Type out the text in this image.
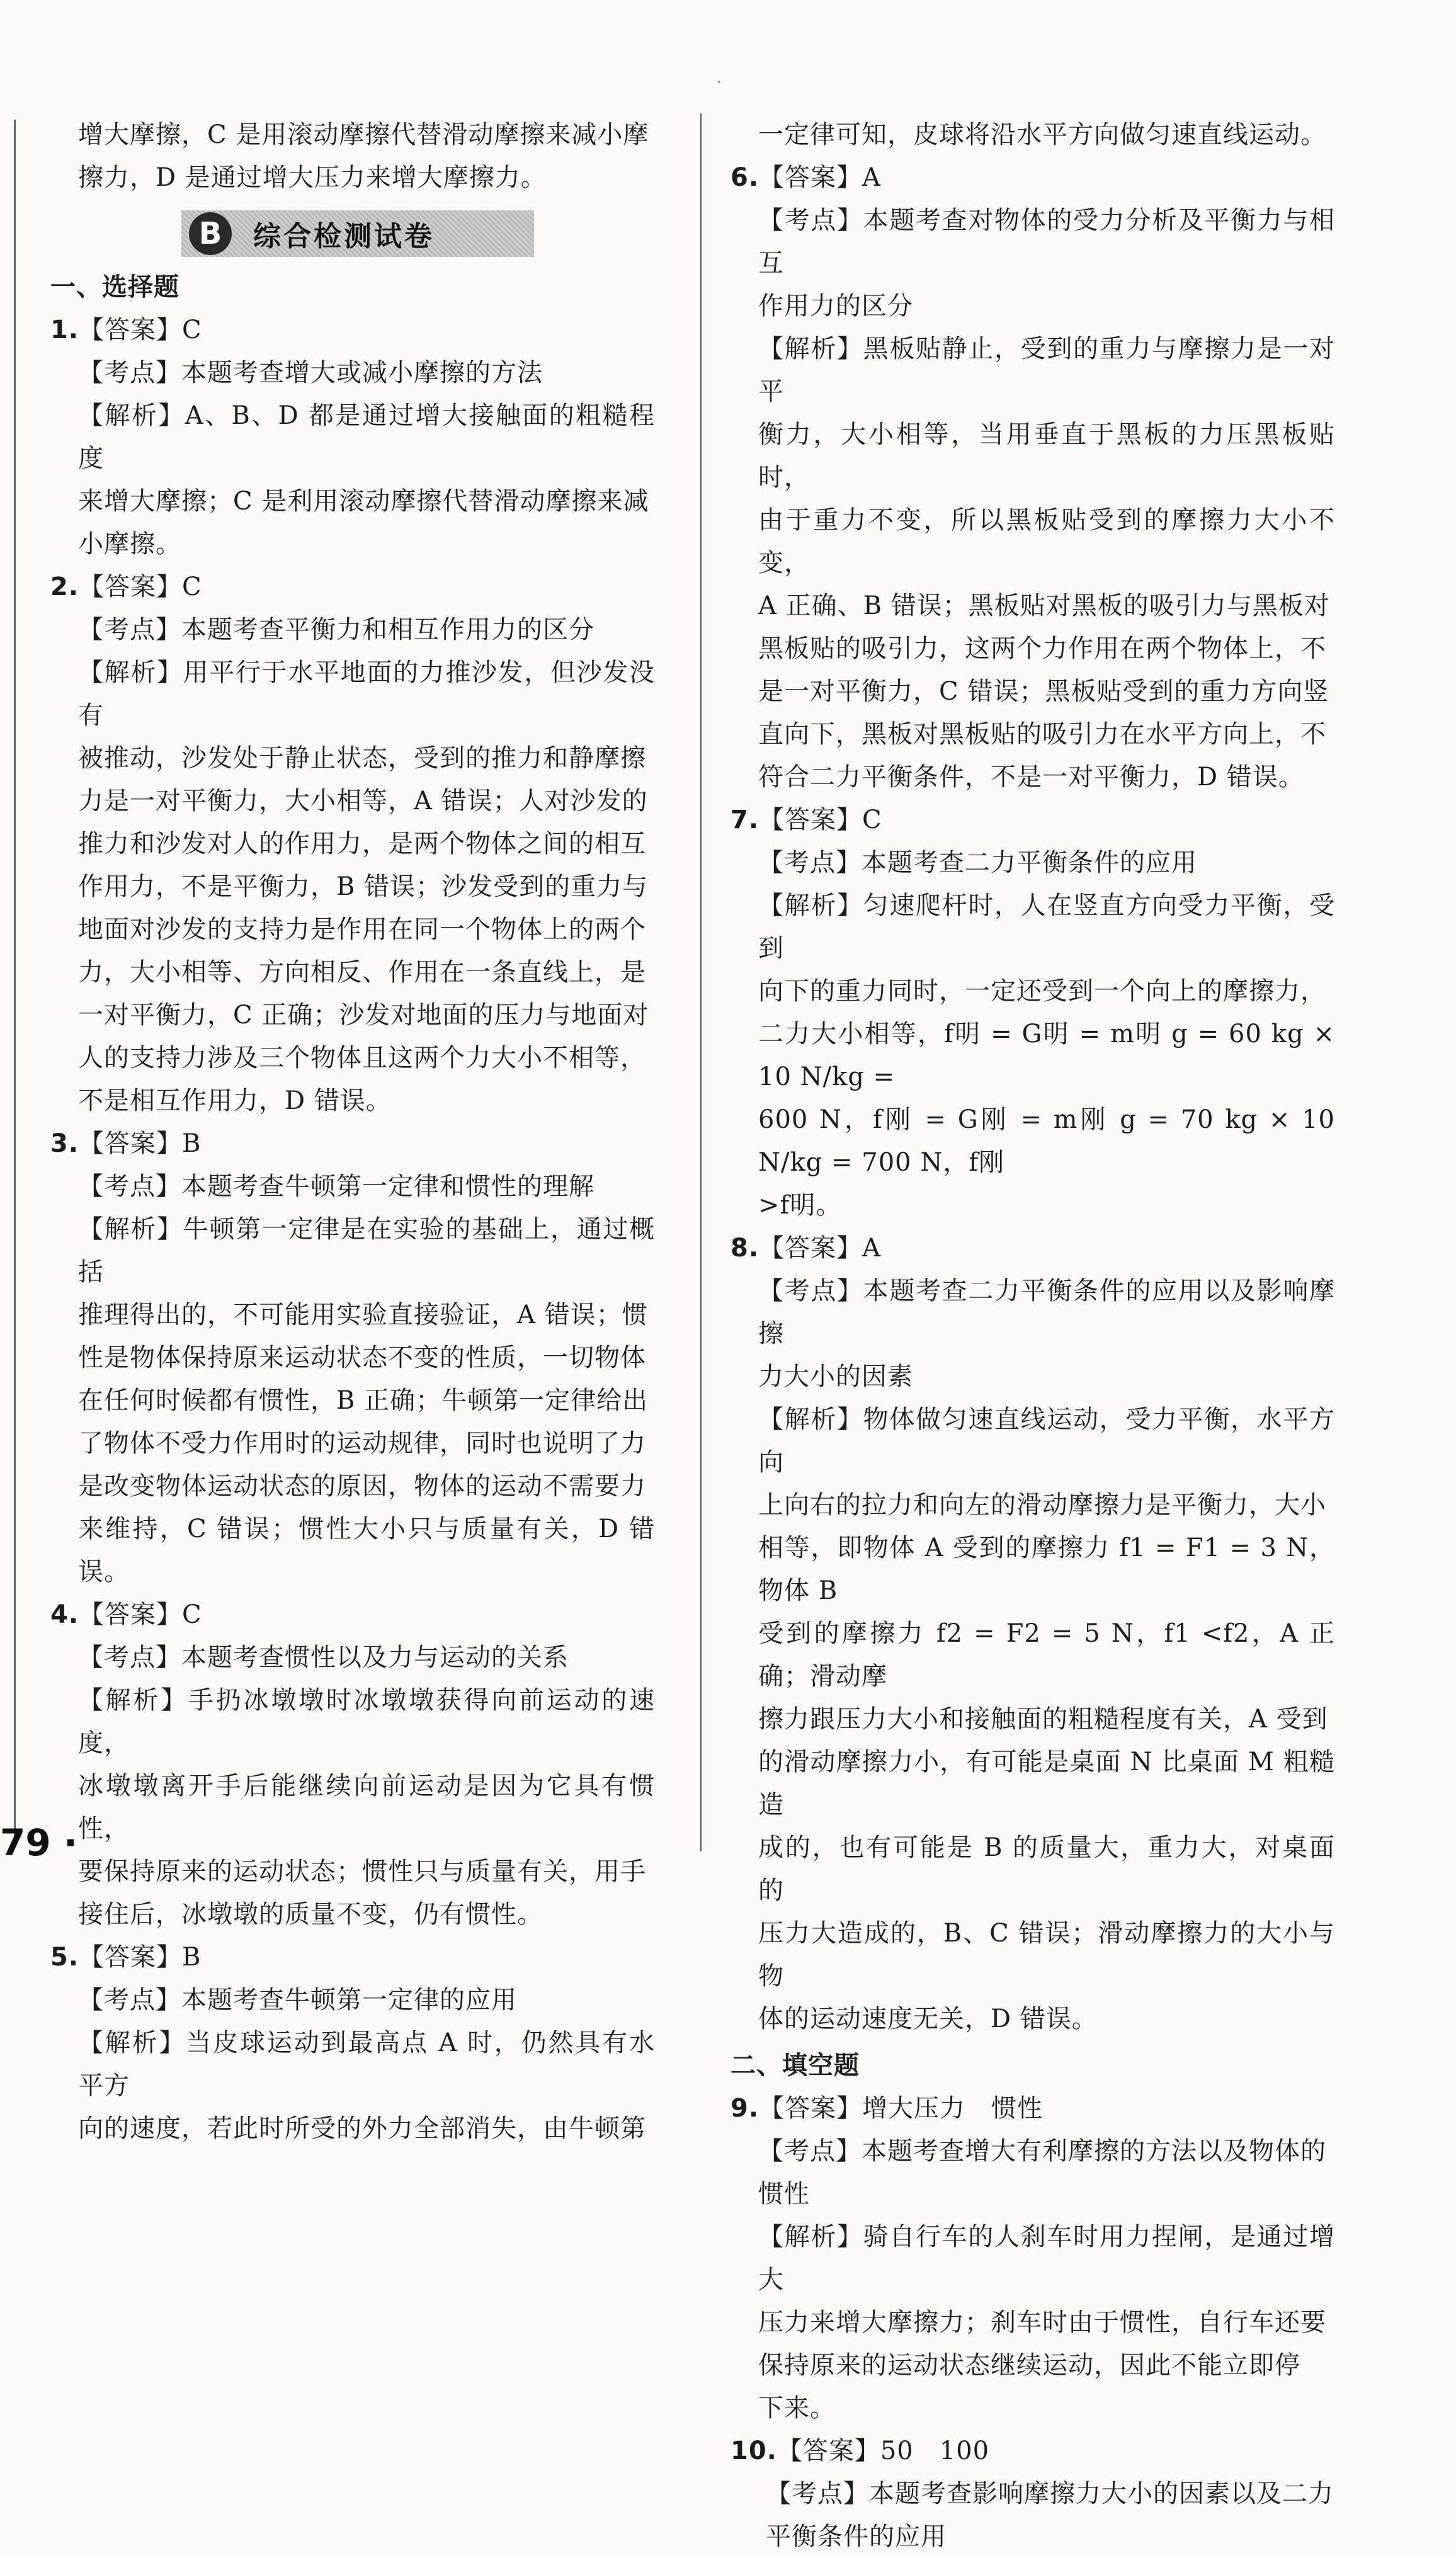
增大摩擦，C 是用滚动摩擦代替滑动摩擦来减小摩

擦力，D 是通过增大压力来增大摩擦力。

B	综合检测试卷

一、选择题

1.【答案】C

【考点】本题考查增大或减小摩擦的方法

【解析】A、B、D 都是通过增大接触面的粗糙程度

来增大摩擦；C 是利用滚动摩擦代替滑动摩擦来减

小摩擦。

2.【答案】C

【考点】本题考查平衡力和相互作用力的区分

【解析】用平行于水平地面的力推沙发，但沙发没有

被推动，沙发处于静止状态，受到的推力和静摩擦

力是一对平衡力，大小相等，A 错误；人对沙发的

推力和沙发对人的作用力，是两个物体之间的相互

作用力，不是平衡力，B 错误；沙发受到的重力与

地面对沙发的支持力是作用在同一个物体上的两个

力，大小相等、方向相反、作用在一条直线上，是

一对平衡力，C 正确；沙发对地面的压力与地面对

人的支持力涉及三个物体且这两个力大小不相等，

不是相互作用力，D 错误。

3.【答案】B

【考点】本题考查牛顿第一定律和惯性的理解

【解析】牛顿第一定律是在实验的基础上，通过概括

推理得出的，不可能用实验直接验证，A 错误；惯

性是物体保持原来运动状态不变的性质，一切物体

在任何时候都有惯性，B 正确；牛顿第一定律给出

了物体不受力作用时的运动规律，同时也说明了力

是改变物体运动状态的原因，物体的运动不需要力

来维持，C 错误；惯性大小只与质量有关，D 错误。

4.【答案】C

【考点】本题考查惯性以及力与运动的关系

【解析】手扔冰墩墩时冰墩墩获得向前运动的速度，

冰墩墩离开手后能继续向前运动是因为它具有惯性，

要保持原来的运动状态；惯性只与质量有关，用手

接住后，冰墩墩的质量不变，仍有惯性。

5.【答案】B

【考点】本题考查牛顿第一定律的应用

【解析】当皮球运动到最高点 A 时，仍然具有水平方

向的速度，若此时所受的外力全部消失，由牛顿第

一定律可知，皮球将沿水平方向做匀速直线运动。

6.【答案】A

【考点】本题考查对物体的受力分析及平衡力与相互

作用力的区分

【解析】黑板贴静止，受到的重力与摩擦力是一对平

衡力，大小相等，当用垂直于黑板的力压黑板贴时，

由于重力不变，所以黑板贴受到的摩擦力大小不变，

A 正确、B 错误；黑板贴对黑板的吸引力与黑板对

黑板贴的吸引力，这两个力作用在两个物体上，不

是一对平衡力，C 错误；黑板贴受到的重力方向竖

直向下，黑板对黑板贴的吸引力在水平方向上，不

符合二力平衡条件，不是一对平衡力，D 错误。

7.【答案】C

【考点】本题考查二力平衡条件的应用

【解析】匀速爬杆时，人在竖直方向受力平衡，受到

向下的重力同时，一定还受到一个向上的摩擦力，

二力大小相等，f明 = G明 = m明 g = 60 kg × 10 N/kg =

600 N，f刚 = G刚 = m刚 g = 70 kg × 10 N/kg = 700 N，f刚

>f明。

8.【答案】A

【考点】本题考查二力平衡条件的应用以及影响摩擦

力大小的因素

【解析】物体做匀速直线运动，受力平衡，水平方向

上向右的拉力和向左的滑动摩擦力是平衡力，大小

相等，即物体 A 受到的摩擦力 f1 = F1 = 3 N，物体 B

受到的摩擦力 f2 = F2 = 5 N，f1 <f2，A 正确；滑动摩

擦力跟压力大小和接触面的粗糙程度有关，A 受到

的滑动摩擦力小，有可能是桌面 N 比桌面 M 粗糙造

成的，也有可能是 B 的质量大，重力大，对桌面的

压力大造成的，B、C 错误；滑动摩擦力的大小与物

体的运动速度无关，D 错误。

二、填空题

9.【答案】增大压力　惯性

【考点】本题考查增大有利摩擦的方法以及物体的

惯性

【解析】骑自行车的人刹车时用力捏闸，是通过增大

压力来增大摩擦力；刹车时由于惯性，自行车还要

保持原来的运动状态继续运动，因此不能立即停

下来。

10.【答案】50　100

【考点】本题考查影响摩擦力大小的因素以及二力

平衡条件的应用

79 ·
